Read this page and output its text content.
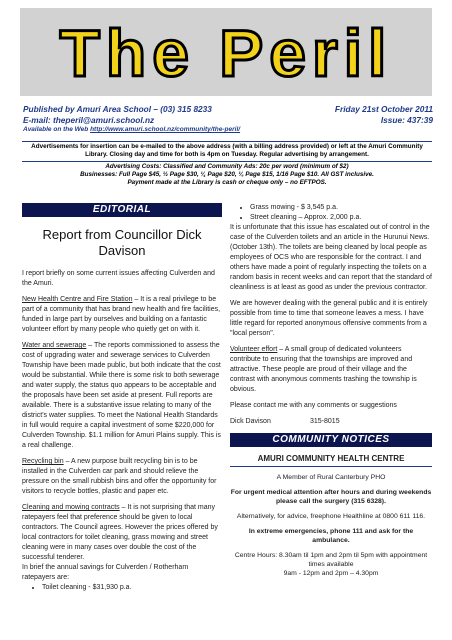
The Peril
Published by Amuri Area School – (03) 315 8233	Friday 21st October 2011
E-mail: theperil@amuri.school.nz	Issue: 437:39
Available on the Web http://www.amuri.school.nz/community/the-peril/
Advertisements for insertion can be e-mailed to the above address (with a billing address provided) or left at the Amuri Community
Library. Closing day and time for both is 4pm on Tuesday. Regular advertising by arrangement.
Advertising Costs: Classified and Community Ads: 20c per word (minimum of $2)
Businesses: Full Page $45, ½ Page $30, ¼ Page $20, ⅛ Page $15, 1/16 Page $10. All GST inclusive.
Payment made at the Library is cash or cheque only – no EFTPOS.
EDITORIAL
Report from Councillor Dick Davison

I report briefly on some current issues affecting Culverden and the Amuri.

New Health Centre and Fire Station – It is a real privilege to be part of a community that has brand new health and fire facilities, funded in large part by ourselves and building on a fantastic volunteer effort by many people who quietly get on with it.

Water and sewerage – The reports commissioned to assess the cost of upgrading water and sewerage services to Culverden Township have been made public, but both indicate that the cost would be substantial. While there is some risk to both sewerage and water supply, the status quo appears to be acceptable and the proposals have been set aside at present. Full reports are available. There is a substantive issue relating to many of the district's water supplies. To meet the National Health Standards in full would require a capital investment of some $220,000 for Culverden Township. $1.1 million for Amuri Plains supply. This is a real challenge.

Recycling bin – A new purpose built recycling bin is to be installed in the Culverden car park and should relieve the pressure on the small rubbish bins and offer the opportunity for visitors to recycle bottles, plastic and paper etc.

Cleaning and mowing contracts – It is not surprising that many ratepayers feel that preference should be given to local contractors. The Council agrees. However the prices offered by local contractors for toilet cleaning, grass mowing and street cleaning were in many cases over double the cost of the successful tenderer.

In brief the annual savings for Culverden / Rotherham ratepayers are:

• Toilet cleaning - $31,930 p.a.
• Grass mowing - $ 3,545 p.a.
• Street cleaning – Approx. 2,000 p.a.

It is unfortunate that this issue has escalated out of control in the case of the Culverden toilets and an article in the Hurunui News. (October 13th). The toilets are being cleaned by local people as employees of OCS who are responsible for the contract. I and others have made a point of regularly inspecting the toilets on a random basis in recent weeks and can report that the standard of cleanliness is at least as good as under the previous contractor.

We are however dealing with the general public and it is entirely possible from time to time that someone leaves a mess. I have little regard for reported anonymous offensive comments from a "local person".

Volunteer effort – A small group of dedicated volunteers contribute to ensuring that the townships are improved and attractive. These people are proud of their village and the contrast with anonymous comments trashing the township is obvious.

Please contact me with any comments or suggestions

Dick Davison	315-8015

COMMUNITY NOTICES
AMURI COMMUNITY HEALTH CENTRE

A Member of Rural Canterbury PHO

For urgent medical attention after hours and during weekends please call the surgery (315 6328).

Alternatively, for advice, freephone Healthline at 0800 611 116.

In extreme emergencies, phone 111 and ask for the ambulance.

Centre Hours: 8.30am til 1pm and 2pm til 5pm with appointment times available

9am - 12pm and 2pm – 4.30pm
